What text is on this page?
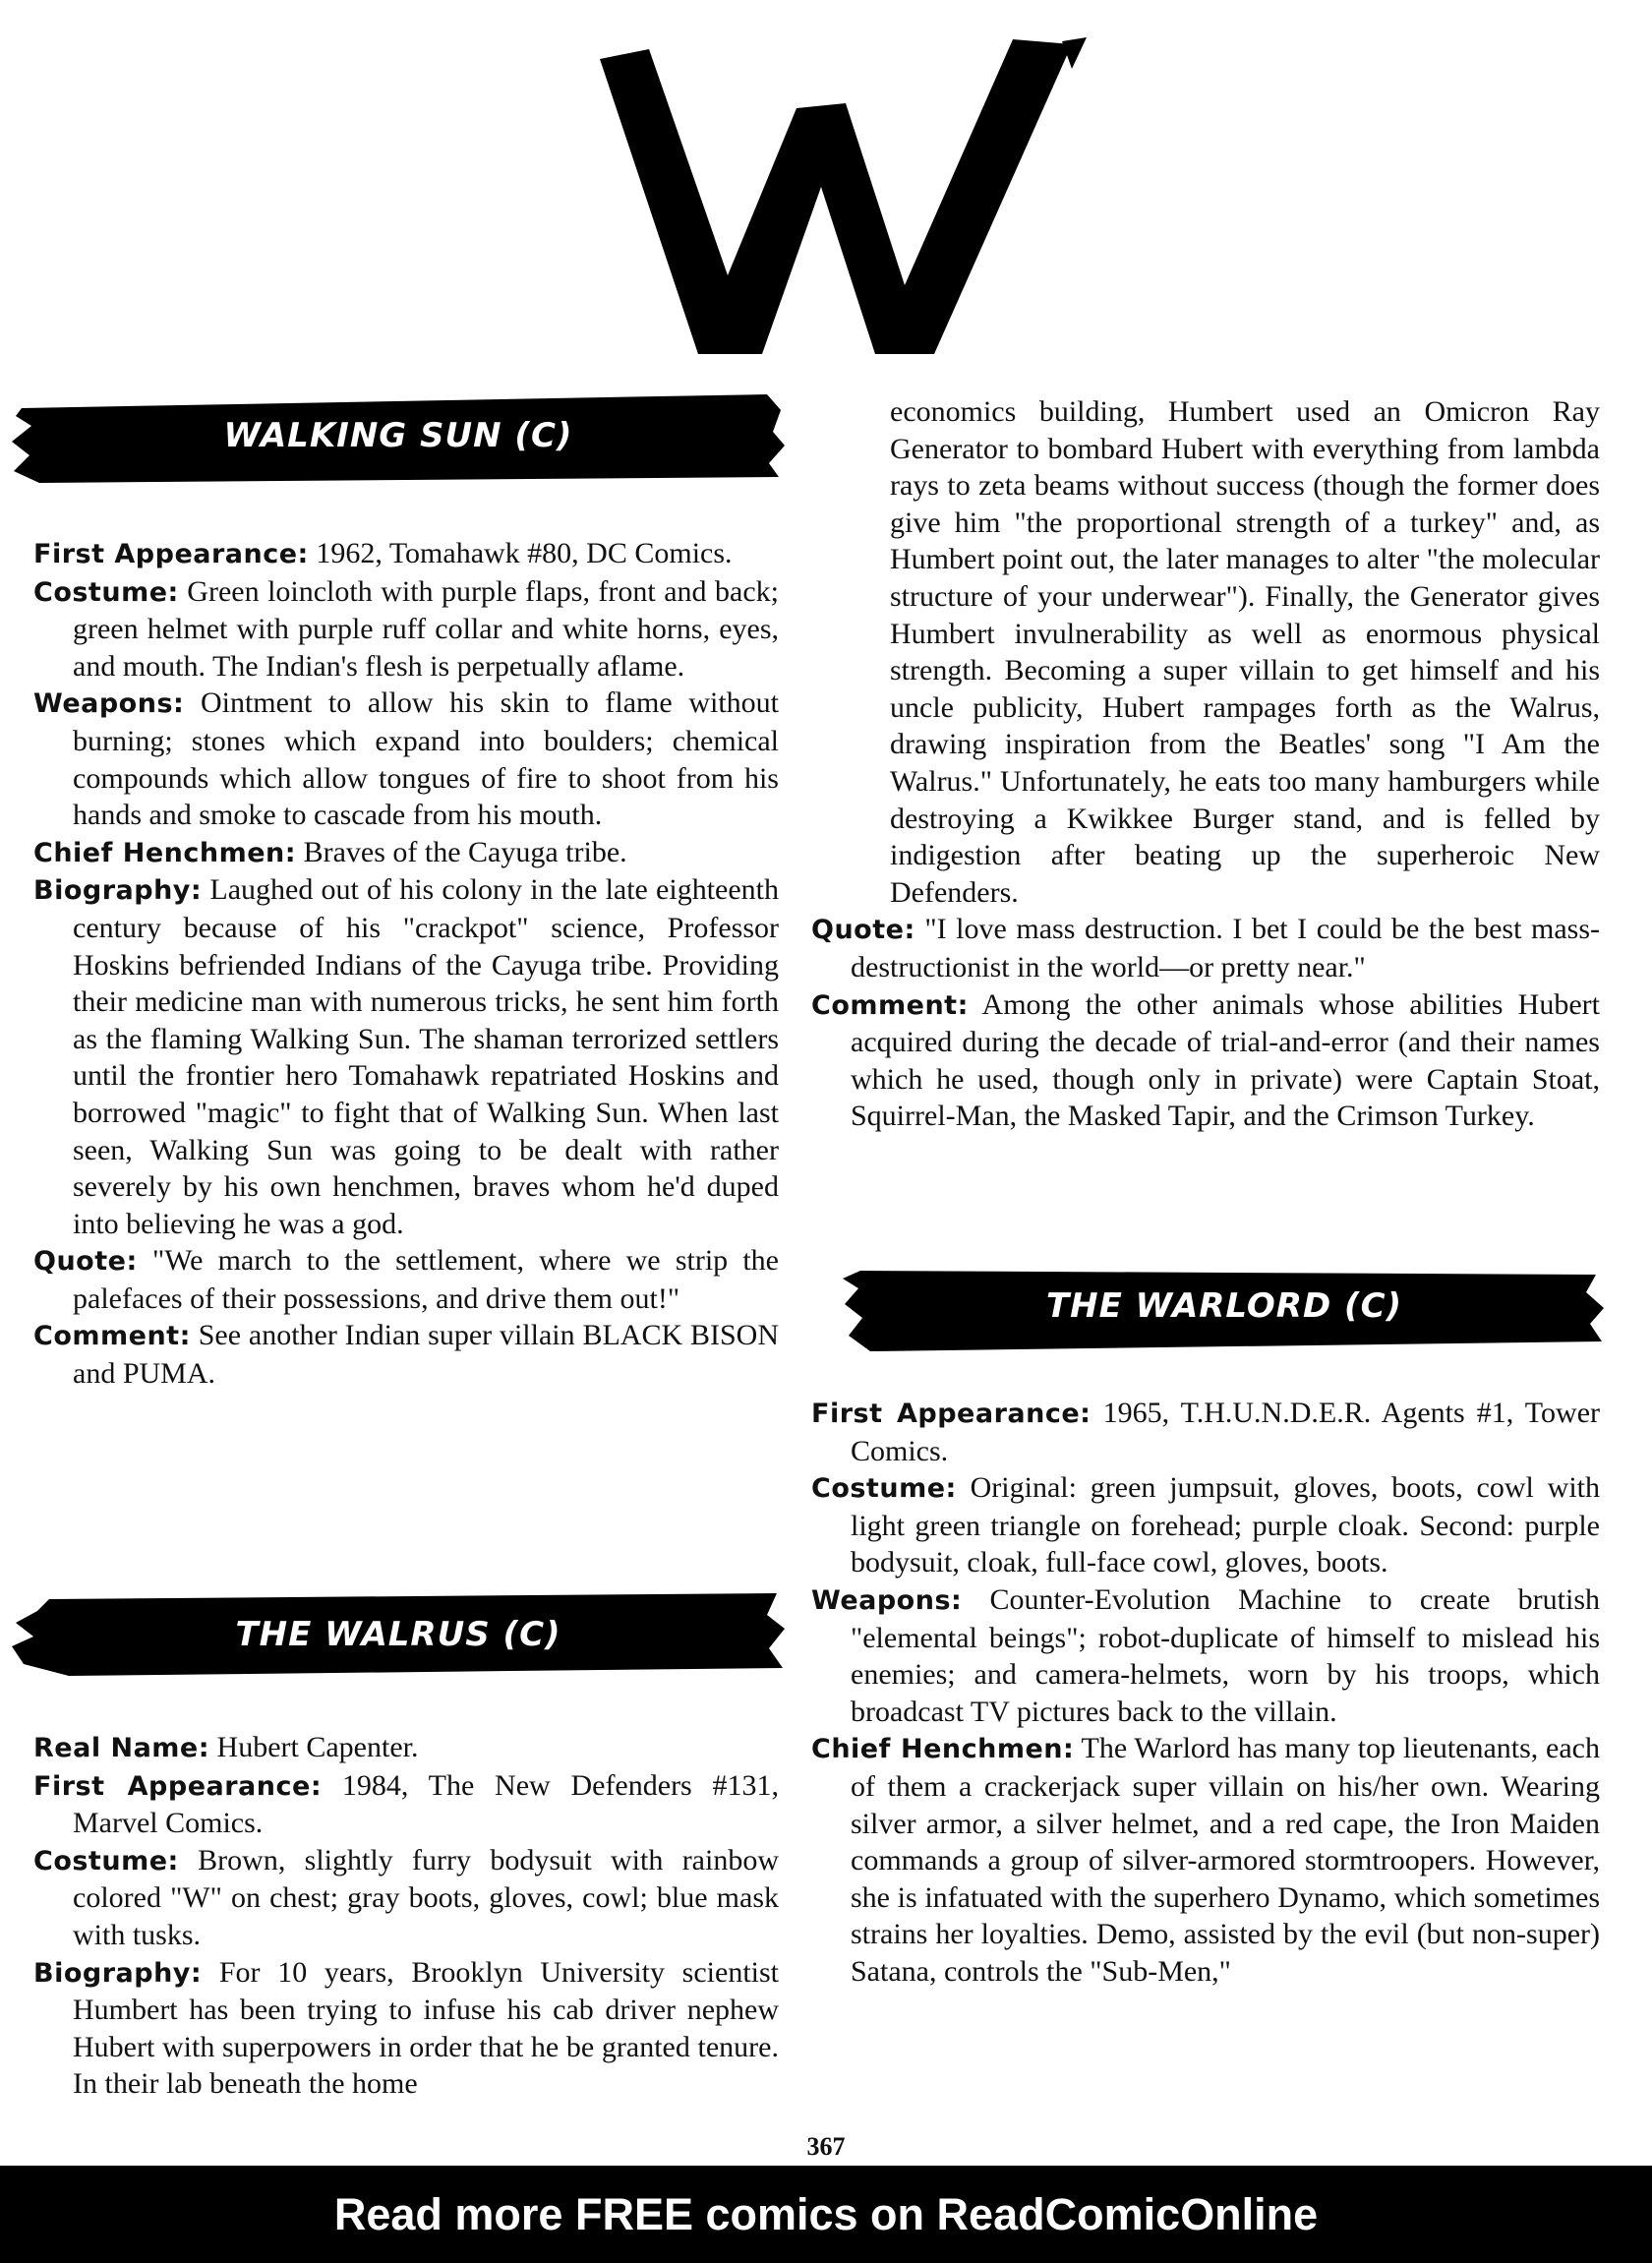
WALKING SUN (C)

First Appearance: 1962, Tomahawk #80, DC Comics.

Costume: Green loincloth with purple flaps, front and back; green helmet with purple ruff collar and white horns, eyes, and mouth. The Indian's flesh is perpetually aflame.

Weapons: Ointment to allow his skin to flame without burning; stones which expand into boulders; chemical compounds which allow tongues of fire to shoot from his hands and smoke to cascade from his mouth.

Chief Henchmen: Braves of the Cayuga tribe.

Biography: Laughed out of his colony in the late eighteenth century because of his "crackpot" science, Professor Hoskins befriended Indians of the Cayuga tribe. Providing their medicine man with numerous tricks, he sent him forth as the flaming Walking Sun. The shaman terrorized settlers until the frontier hero Tomahawk repatriated Hoskins and borrowed "magic" to fight that of Walking Sun. When last seen, Walking Sun was going to be dealt with rather severely by his own henchmen, braves whom he'd duped into believing he was a god.

Quote: "We march to the settlement, where we strip the palefaces of their possessions, and drive them out!"

Comment: See another Indian super villain BLACK BISON and PUMA.

THE WALRUS (C)

Real Name: Hubert Capenter.

First Appearance: 1984, The New Defenders #131, Marvel Comics.

Costume: Brown, slightly furry bodysuit with rainbow colored "W" on chest; gray boots, gloves, cowl; blue mask with tusks.

Biography: For 10 years, Brooklyn University scientist Humbert has been trying to infuse his cab driver nephew Hubert with superpowers in order that he be granted tenure. In their lab beneath the home

economics building, Humbert used an Omicron Ray Generator to bombard Hubert with everything from lambda rays to zeta beams without success (though the former does give him "the proportional strength of a turkey" and, as Humbert point out, the later manages to alter "the molecular structure of your underwear"). Finally, the Generator gives Humbert invulnerability as well as enormous physical strength. Becoming a super villain to get himself and his uncle publicity, Hubert rampages forth as the Walrus, drawing inspiration from the Beatles' song "I Am the Walrus." Unfortunately, he eats too many hamburgers while destroying a Kwikkee Burger stand, and is felled by indigestion after beating up the superheroic New Defenders.

Quote: "I love mass destruction. I bet I could be the best mass-destructionist in the world—or pretty near."

Comment: Among the other animals whose abilities Hubert acquired during the decade of trial-and-error (and their names which he used, though only in private) were Captain Stoat, Squirrel-Man, the Masked Tapir, and the Crimson Turkey.

THE WARLORD (C)

First Appearance: 1965, T.H.U.N.D.E.R. Agents #1, Tower Comics.

Costume: Original: green jumpsuit, gloves, boots, cowl with light green triangle on forehead; purple cloak. Second: purple bodysuit, cloak, full-face cowl, gloves, boots.

Weapons: Counter-Evolution Machine to create brutish "elemental beings"; robot-duplicate of himself to mislead his enemies; and camera-helmets, worn by his troops, which broadcast TV pictures back to the villain.

Chief Henchmen: The Warlord has many top lieutenants, each of them a crackerjack super villain on his/her own. Wearing silver armor, a silver helmet, and a red cape, the Iron Maiden commands a group of silver-armored stormtroopers. However, she is infatuated with the superhero Dynamo, which sometimes strains her loyalties. Demo, assisted by the evil (but non-super) Satana, controls the "Sub-Men,"

367
Read more FREE comics on ReadComicOnline
